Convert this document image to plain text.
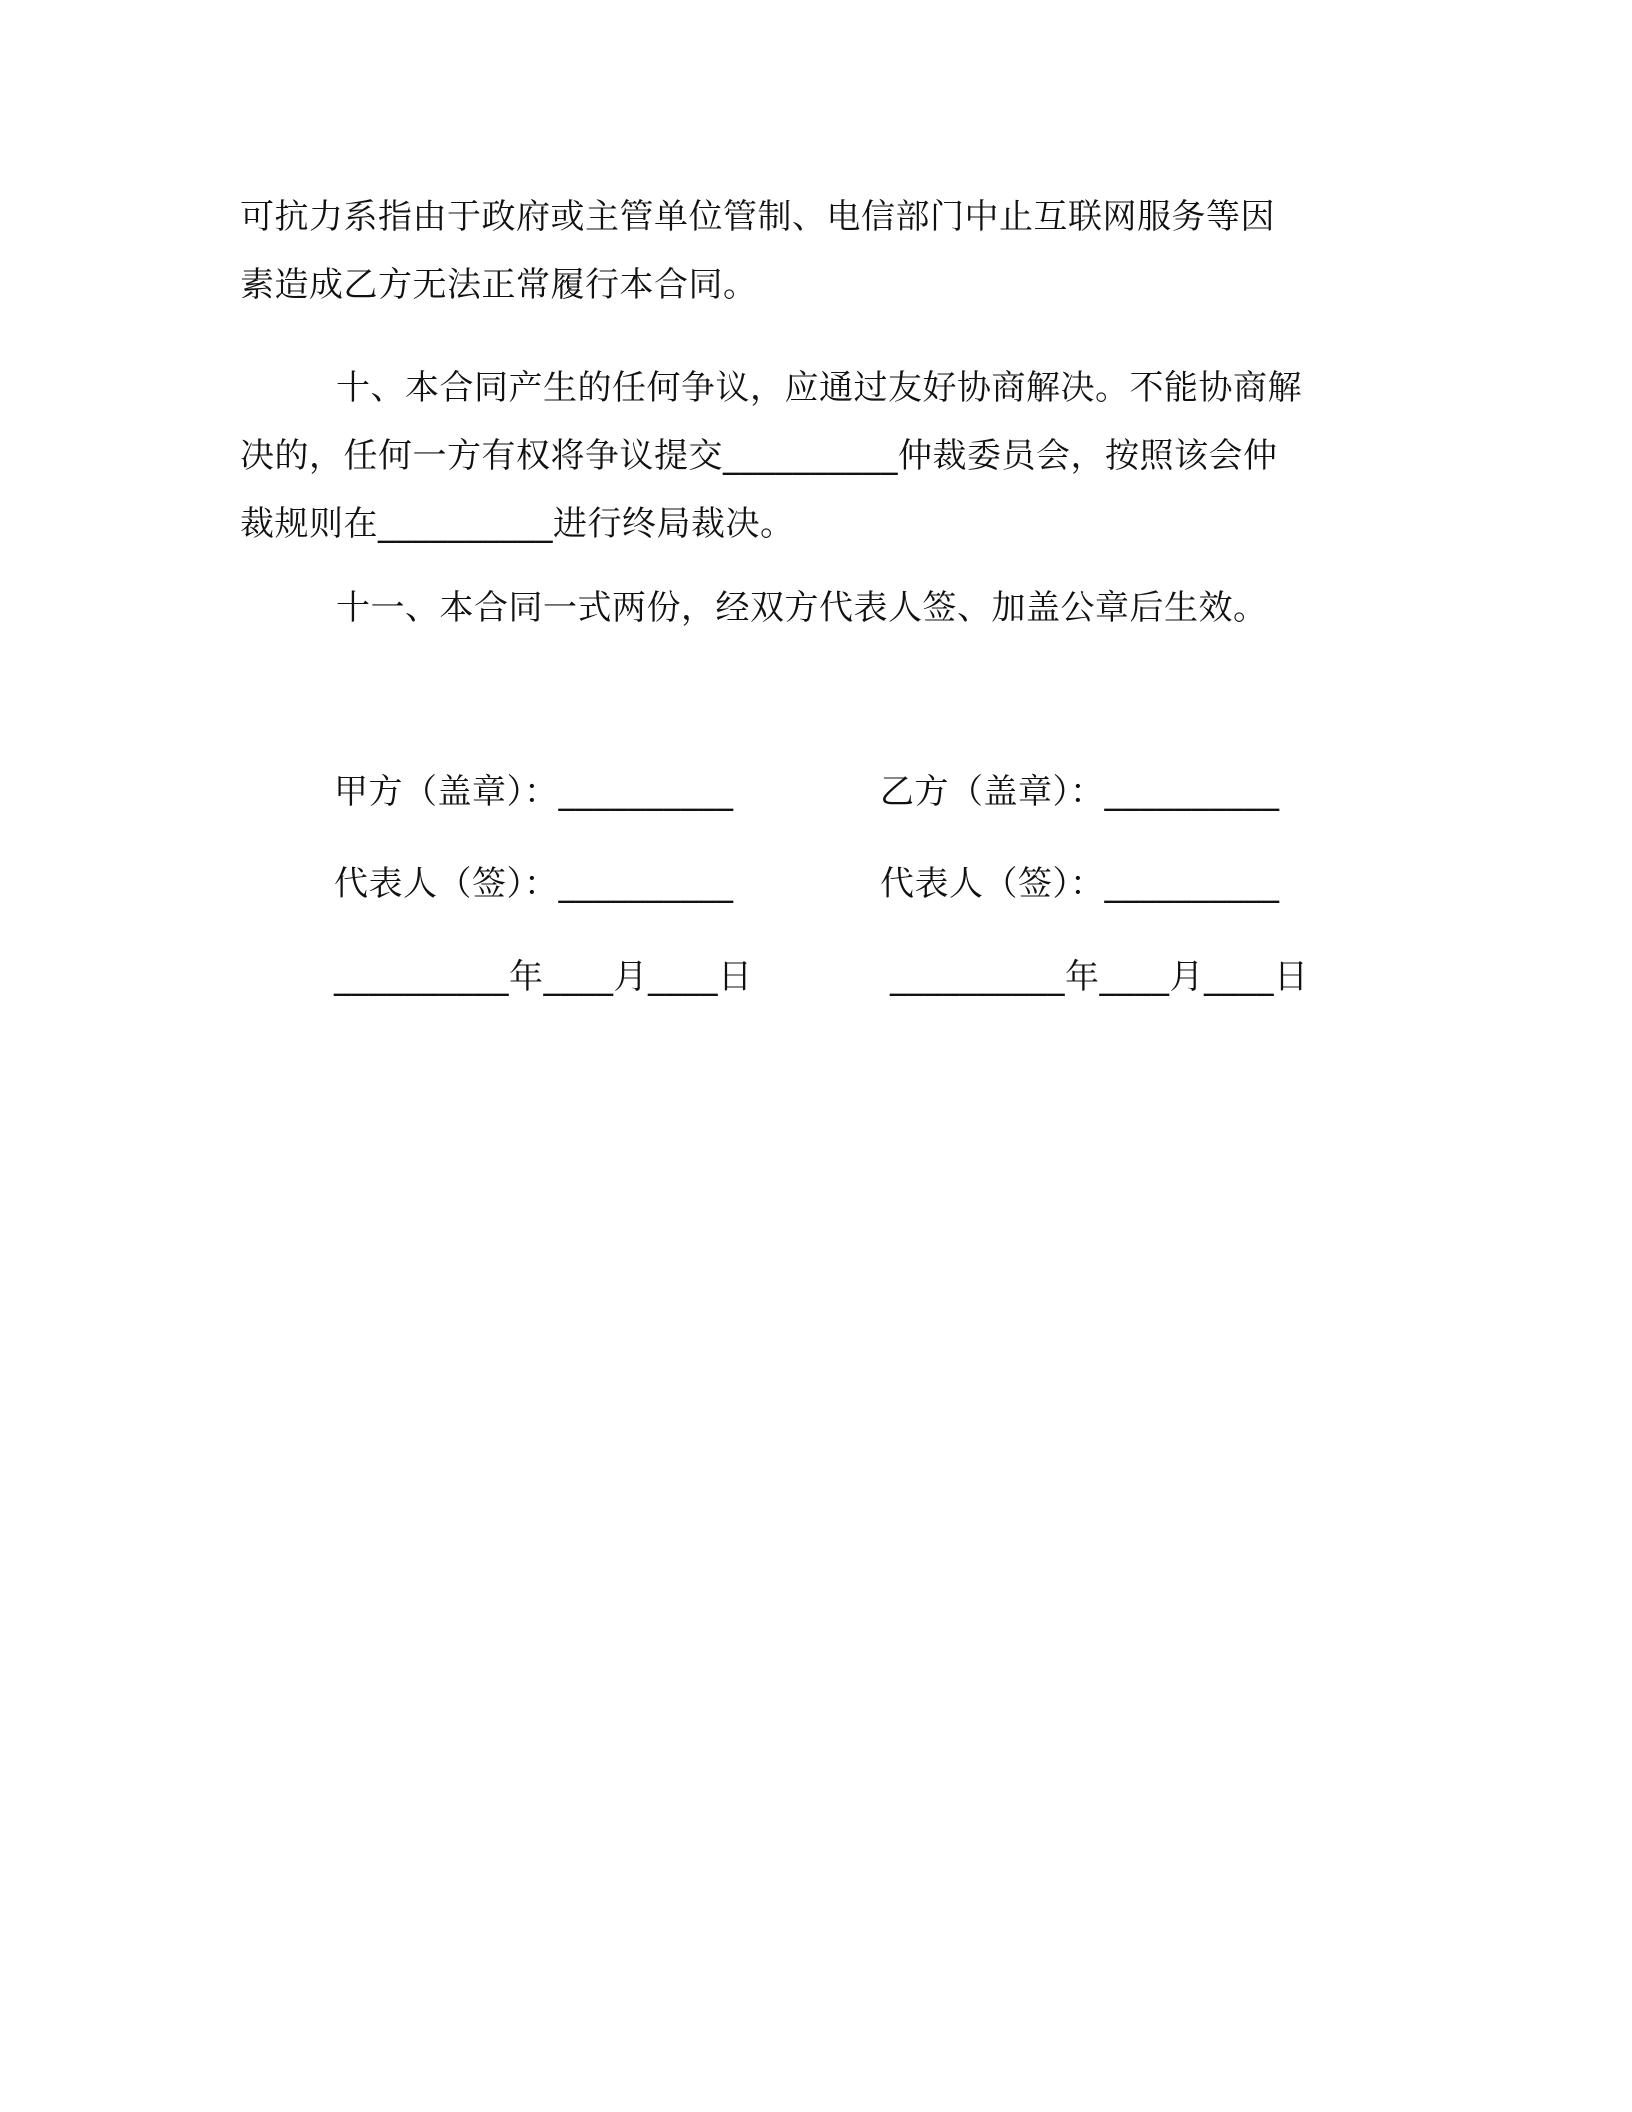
可抗力系指由于政府或主管单位管制、电信部门中止互联网服务等因
素造成乙方无法正常履行本合同。

十、本合同产生的任何争议，应通过友好协商解决。不能协商解
决的，任何一方有权将争议提交__________仲裁委员会，按照该会仲
裁规则在__________进行终局裁决。

十一、本合同一式两份，经双方代表人签、加盖公章后生效。

甲方（盖章）：__________	乙方（盖章）：__________
代表人（签）：__________	代表人（签）：__________
__________年____月____日	__________年____月____日
